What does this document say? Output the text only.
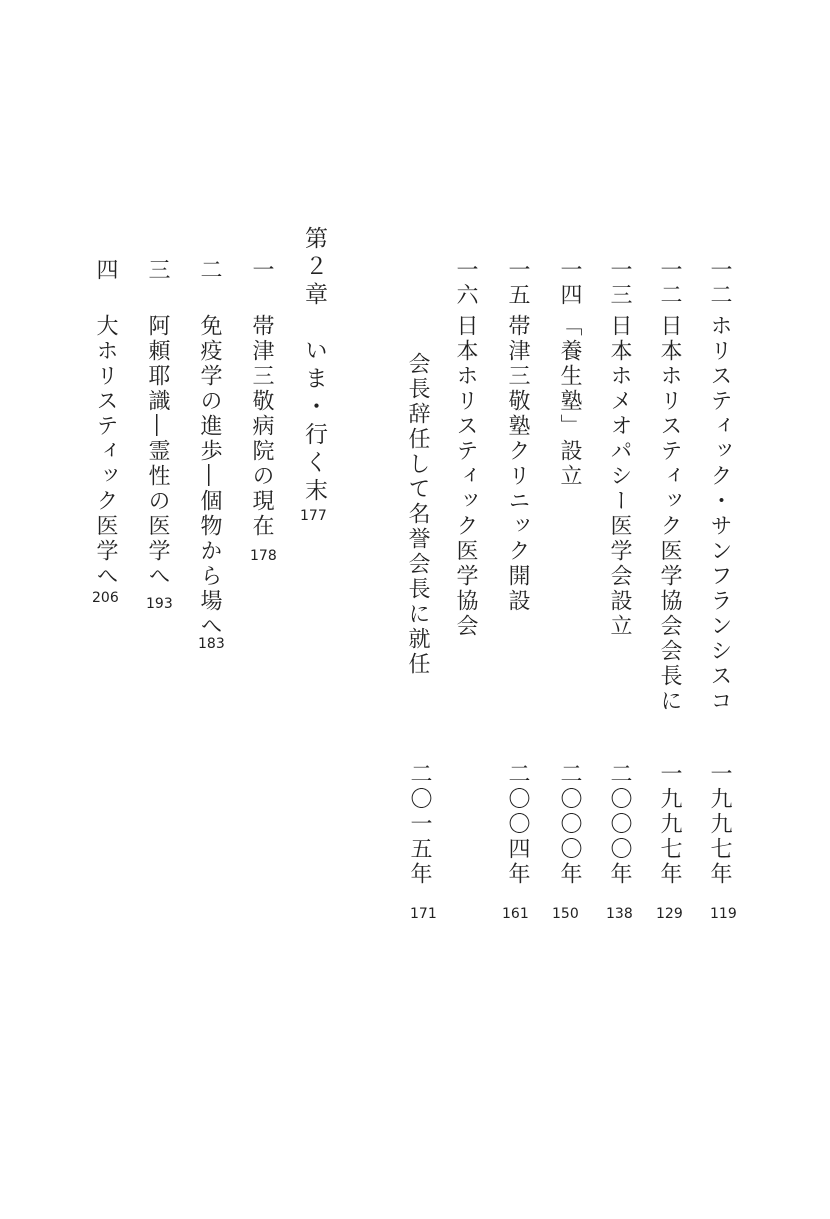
一二
ホリスティック・サンフランシスコ
一九九七年
119
一二
日本ホリスティック医学協会会長に
一九九七年
129
一三
日本ホメオパシー医学会設立
二〇〇〇年
138
一四
「養生塾」設立
二〇〇〇年
150
一五
帯津三敬塾クリニック開設
二〇〇四年
161
一六
日本ホリスティック医学協会
会長辞任して名誉会長に就任
二〇一五年
171
第２章　いま・行く末
177
一
帯津三敬病院の現在
178
二
免疫学の進歩―個物から場へ
183
三
阿頼耶識―霊性の医学へ
193
四
大ホリスティック医学へ
206
